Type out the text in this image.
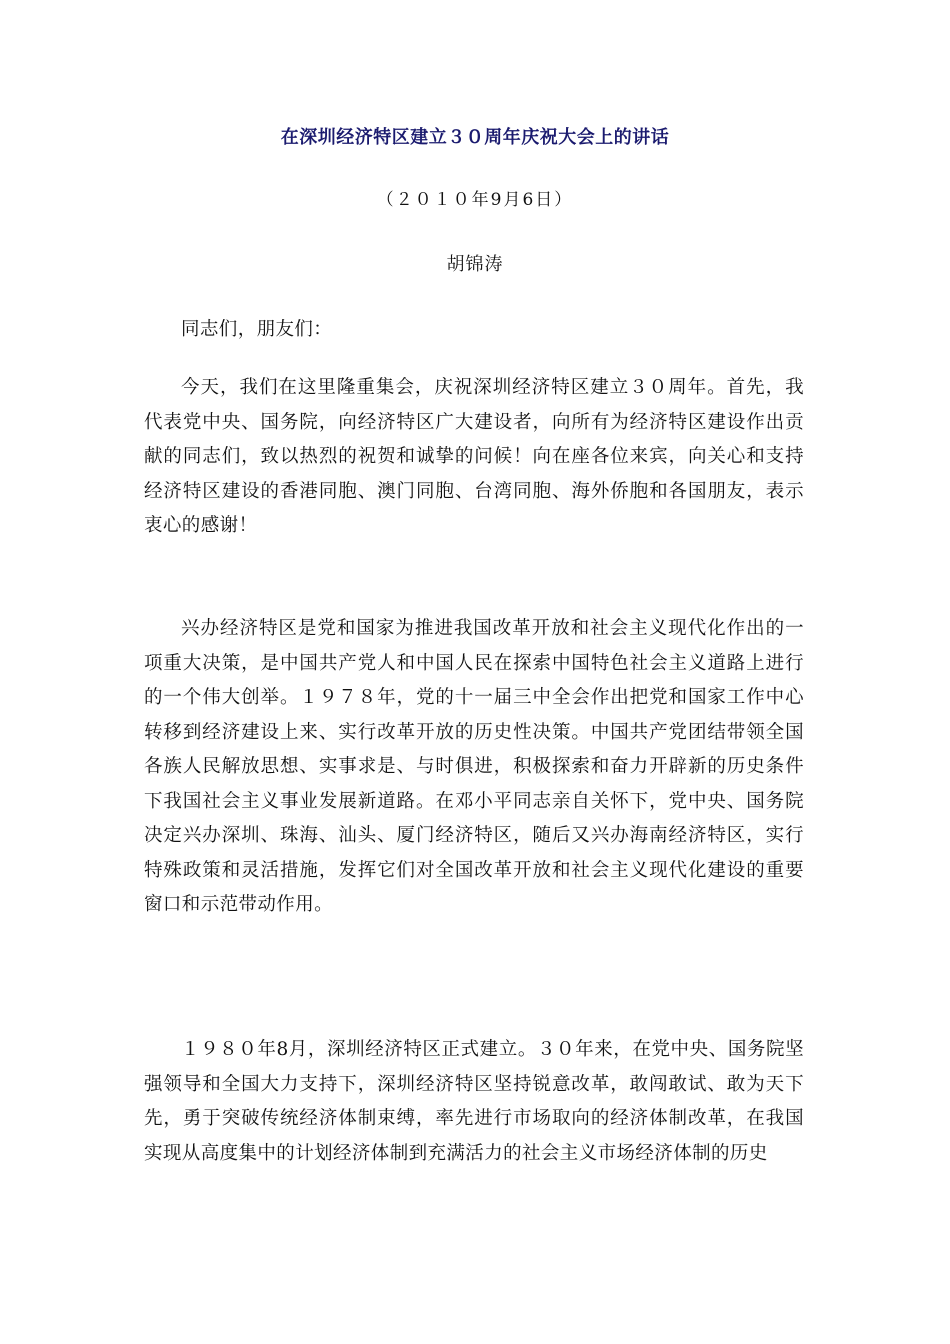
在深圳经济特区建立３０周年庆祝大会上的讲话
（２０１０年9月6日）
胡锦涛
同志们，朋友们：
今天，我们在这里隆重集会，庆祝深圳经济特区建立３０周年。首先，我代表党中央、国务院，向经济特区广大建设者，向所有为经济特区建设作出贡献的同志们，致以热烈的祝贺和诚挚的问候！向在座各位来宾，向关心和支持经济特区建设的香港同胞、澳门同胞、台湾同胞、海外侨胞和各国朋友，表示衷心的感谢！
兴办经济特区是党和国家为推进我国改革开放和社会主义现代化作出的一项重大决策，是中国共产党人和中国人民在探索中国特色社会主义道路上进行的一个伟大创举。１９７８年，党的十一届三中全会作出把党和国家工作中心转移到经济建设上来、实行改革开放的历史性决策。中国共产党团结带领全国各族人民解放思想、实事求是、与时俱进，积极探索和奋力开辟新的历史条件下我国社会主义事业发展新道路。在邓小平同志亲自关怀下，党中央、国务院决定兴办深圳、珠海、汕头、厦门经济特区，随后又兴办海南经济特区，实行特殊政策和灵活措施，发挥它们对全国改革开放和社会主义现代化建设的重要窗口和示范带动作用。
１９８０年8月，深圳经济特区正式建立。３０年来，在党中央、国务院坚强领导和全国大力支持下，深圳经济特区坚持锐意改革，敢闯敢试、敢为天下先，勇于突破传统经济体制束缚，率先进行市场取向的经济体制改革，在我国实现从高度集中的计划经济体制到充满活力的社会主义市场经济体制的历史
